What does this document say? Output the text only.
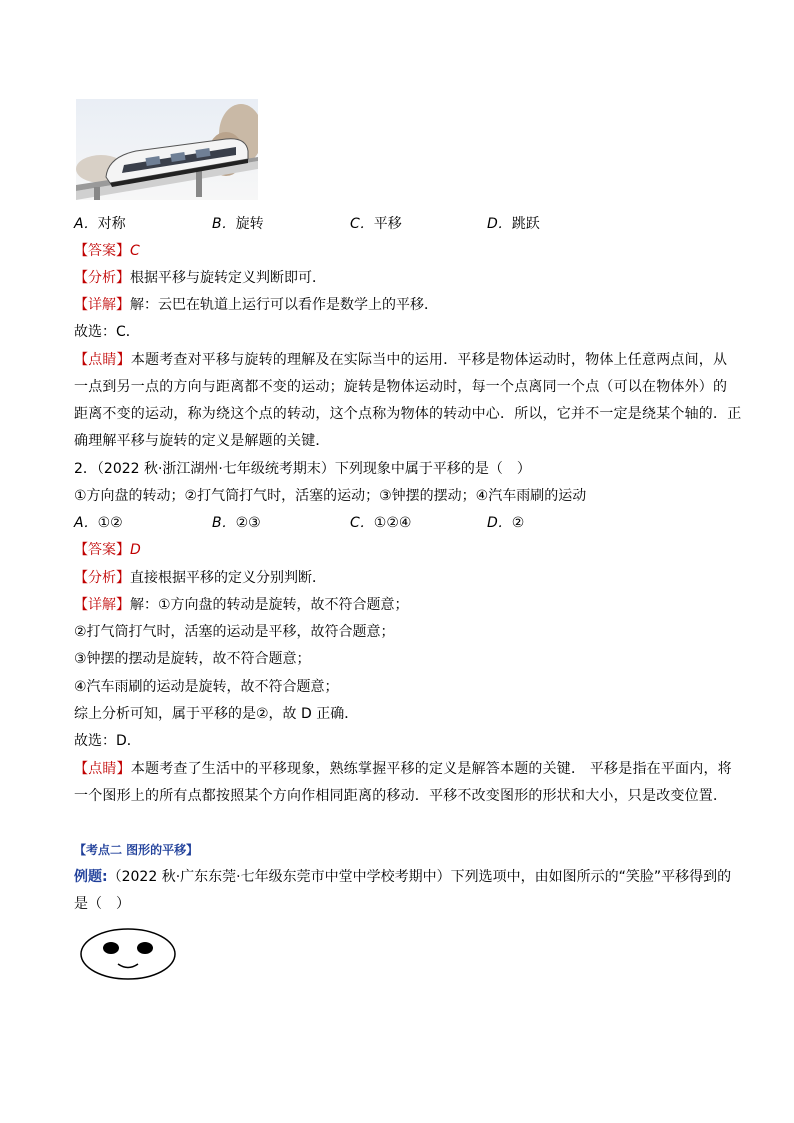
A．对称	B．旋转	C．平移	D．跳跃
【答案】C
【分析】根据平移与旋转定义判断即可．
【详解】解：云巴在轨道上运行可以看作是数学上的平移．
故选：C．
【点睛】本题考查对平移与旋转的理解及在实际当中的运用．平移是物体运动时，物体上任意两点间，从
一点到另一点的方向与距离都不变的运动；旋转是物体运动时，每一个点离同一个点（可以在物体外）的
距离不变的运动，称为绕这个点的转动，这个点称为物体的转动中心．所以，它并不一定是绕某个轴的．正
确理解平移与旋转的定义是解题的关键．
2．（2022 秋·浙江湖州·七年级统考期末）下列现象中属于平移的是（　）
①方向盘的转动；②打气筒打气时，活塞的运动；③钟摆的摆动；④汽车雨刷的运动
A．①②	B．②③	C．①②④	D．②
【答案】D
【分析】直接根据平移的定义分别判断．
【详解】解：①方向盘的转动是旋转，故不符合题意；
②打气筒打气时，活塞的运动是平移，故符合题意；
③钟摆的摆动是旋转，故不符合题意；
④汽车雨刷的运动是旋转，故不符合题意；
综上分析可知，属于平移的是②，故 D 正确．
故选：D．
【点睛】本题考查了生活中的平移现象，熟练掌握平移的定义是解答本题的关键． 平移是指在平面内，将
一个图形上的所有点都按照某个方向作相同距离的移动．平移不改变图形的形状和大小，只是改变位置．
【考点二 图形的平移】
例题:（2022 秋·广东东莞·七年级东莞市中堂中学校考期中）下列选项中，由如图所示的“笑脸”平移得到的
是（　）
